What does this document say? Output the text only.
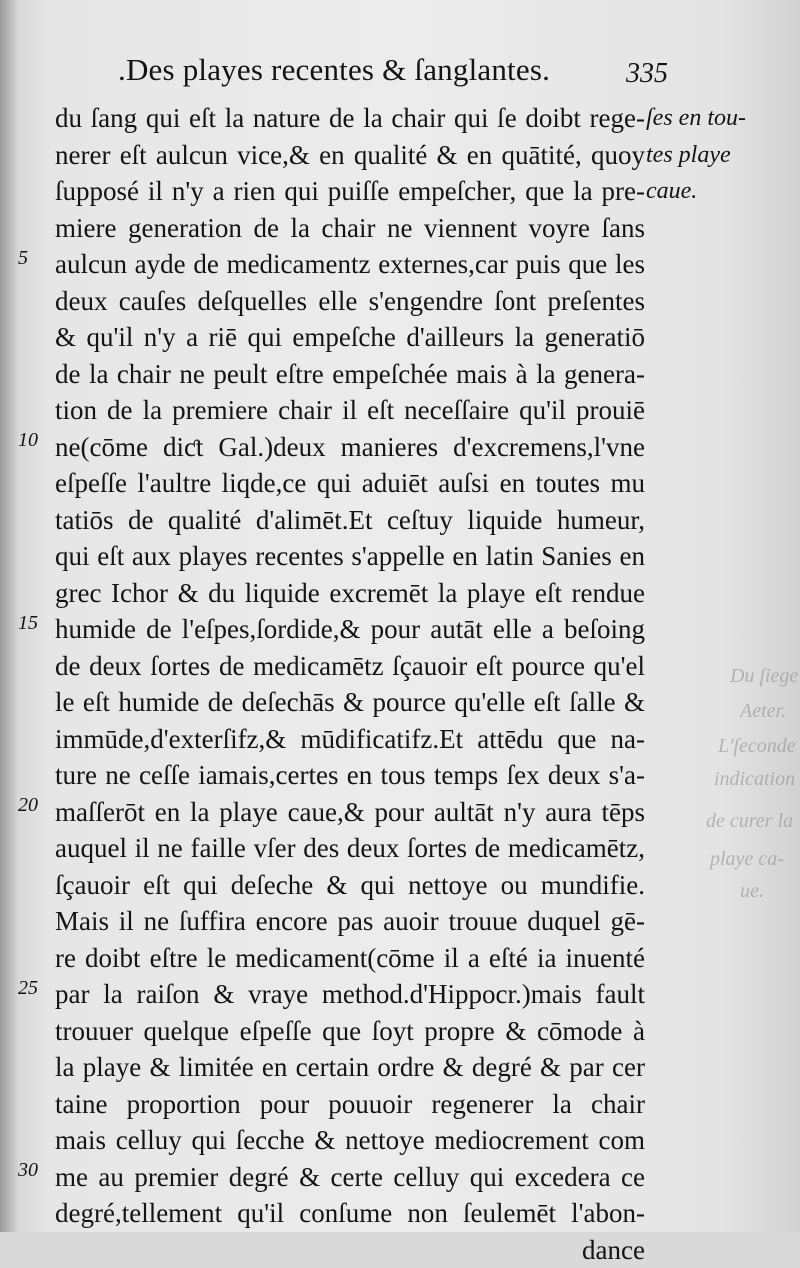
.Des playes recentes & ſanglantes.	335
5
10
15
20
25
30
du ſang qui eſt la nature de la chair qui ſe doibt rege-
nerer eſt aulcun vice,& en qualité & en quātité, quoy
ſupposé il n'y a rien qui puiſſe empeſcher, que la pre-
miere generation de la chair ne viennent voyre ſans
aulcun ayde de medicamentz externes,car puis que les
deux cauſes deſquelles elle s'engendre ſont preſentes
& qu'il n'y a riē qui empeſche d'ailleurs la generatiō
de la chair ne peult eſtre empeſchée mais à la genera-
tion de la premiere chair il eſt neceſſaire qu'il prouiē
ne(cōme diƈt Gal.)deux manieres d'excremens,l'vne
eſpeſſe l'aultre liqde,ce qui aduiēt auſsi en toutes mu
tatiōs de qualité d'alimēt.Et ceſtuy liquide humeur,
qui eſt aux playes recentes s'appelle en latin Sanies en
grec Ichor & du liquide excremēt la playe eſt rendue
humide de l'eſpes,ſordide,& pour autāt elle a beſoing
de deux ſortes de medicamētz ſçauoir eſt pource qu'el
le eſt humide de deſechās & pource qu'elle eſt ſalle &
immūde,d'exterſifz,& mūdificatifz.Et attēdu que na-
ture ne ceſſe iamais,certes en tous temps ſex deux s'a-
maſſerōt en la playe caue,& pour aultāt n'y aura tēps
auquel il ne faille vſer des deux ſortes de medicamētz,
ſçauoir eſt qui deſeche & qui nettoye ou mundifie.
Mais il ne ſuffira encore pas auoir trouue duquel gē-
re doibt eſtre le medicament(cōme il a eſté ia inuenté
par la raiſon & vraye method.d'Hippocr.)mais fault
trouuer quelque eſpeſſe que ſoyt propre & cōmode à
la playe & limitée en certain ordre & degré & par cer
taine proportion pour pouuoir regenerer la chair
mais celluy qui ſecche & nettoye mediocrement com
me au premier degré & certe celluy qui excedera ce
degré,tellement qu'il conſume non ſeulemēt l'abon-
dance
ſes en tou-
tes playe
caue.
Du ſiege
Aeter.
L'ſeconde
indication
de curer la
playe ca-
ue.
